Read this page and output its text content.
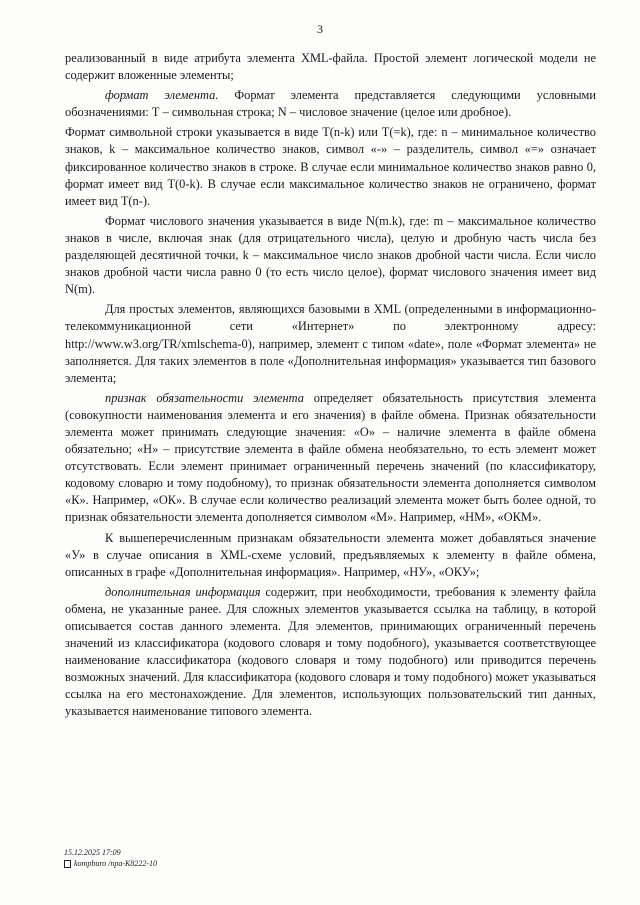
3

реализованный в виде атрибута элемента XML-файла. Простой элемент логической модели не содержит вложенные элементы;

формат элемента. Формат элемента представляется следующими условными обозначениями: Т – символьная строка; N – числовое значение (целое или дробное).

Формат символьной строки указывается в виде T(n-k) или T(=k), где: n – минимальное количество знаков, k – максимальное количество знаков, символ «-» – разделитель, символ «=» означает фиксированное количество знаков в строке. В случае если минимальное количество знаков равно 0, формат имеет вид T(0-k). В случае если максимальное количество знаков не ограничено, формат имеет вид T(n-).

Формат числового значения указывается в виде N(m.k), где: m – максимальное количество знаков в числе, включая знак (для отрицательного числа), целую и дробную часть числа без разделяющей десятичной точки, k – максимальное число знаков дробной части числа. Если число знаков дробной части числа равно 0 (то есть число целое), формат числового значения имеет вид N(m).

Для простых элементов, являющихся базовыми в XML (определенными в информационно-телекоммуникационной сети «Интернет» по электронному адресу: http://www.w3.org/TR/xmlschema-0), например, элемент с типом «date», поле «Формат элемента» не заполняется. Для таких элементов в поле «Дополнительная информация» указывается тип базового элемента;

признак обязательности элемента определяет обязательность присутствия элемента (совокупности наименования элемента и его значения) в файле обмена. Признак обязательности элемента может принимать следующие значения: «О» – наличие элемента в файле обмена обязательно; «Н» – присутствие элемента в файле обмена необязательно, то есть элемент может отсутствовать. Если элемент принимает ограниченный перечень значений (по классификатору, кодовому словарю и тому подобному), то признак обязательности элемента дополняется символом «К». Например, «ОК». В случае если количество реализаций элемента может быть более одной, то признак обязательности элемента дополняется символом «М». Например, «НМ», «ОКМ».

К вышеперечисленным признакам обязательности элемента может добавляться значение «У» в случае описания в XML-схеме условий, предъявляемых к элементу в файле обмена, описанных в графе «Дополнительная информация». Например, «НУ», «ОКУ»;

дополнительная информация содержит, при необходимости, требования к элементу файла обмена, не указанные ранее. Для сложных элементов указывается ссылка на таблицу, в которой описывается состав данного элемента. Для элементов, принимающих ограниченный перечень значений из классификатора (кодового словаря и тому подобного), указывается соответствующее наименование классификатора (кодового словаря и тому подобного) или приводится перечень возможных значений. Для классификатора (кодового словаря и тому подобного) может указываться ссылка на его местонахождение. Для элементов, использующих пользовательский тип данных, указывается наименование типового элемента.

15.12.2025 17:09
kompburo /npa-K8222-10
